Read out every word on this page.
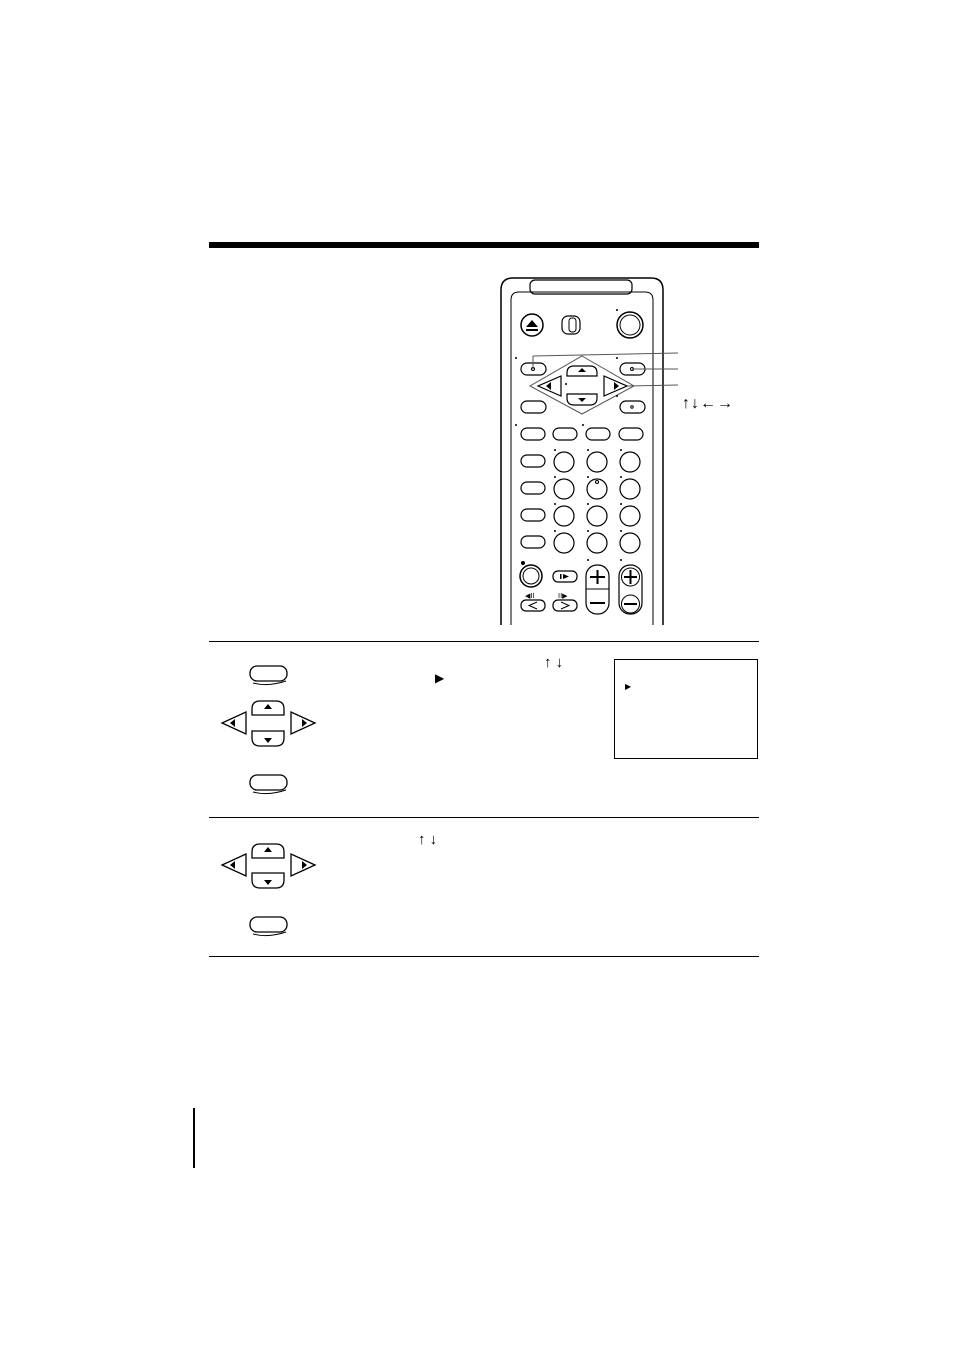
◀II	II▶
↑↓←→
↑ ↓
▶
▶
↑ ↓
